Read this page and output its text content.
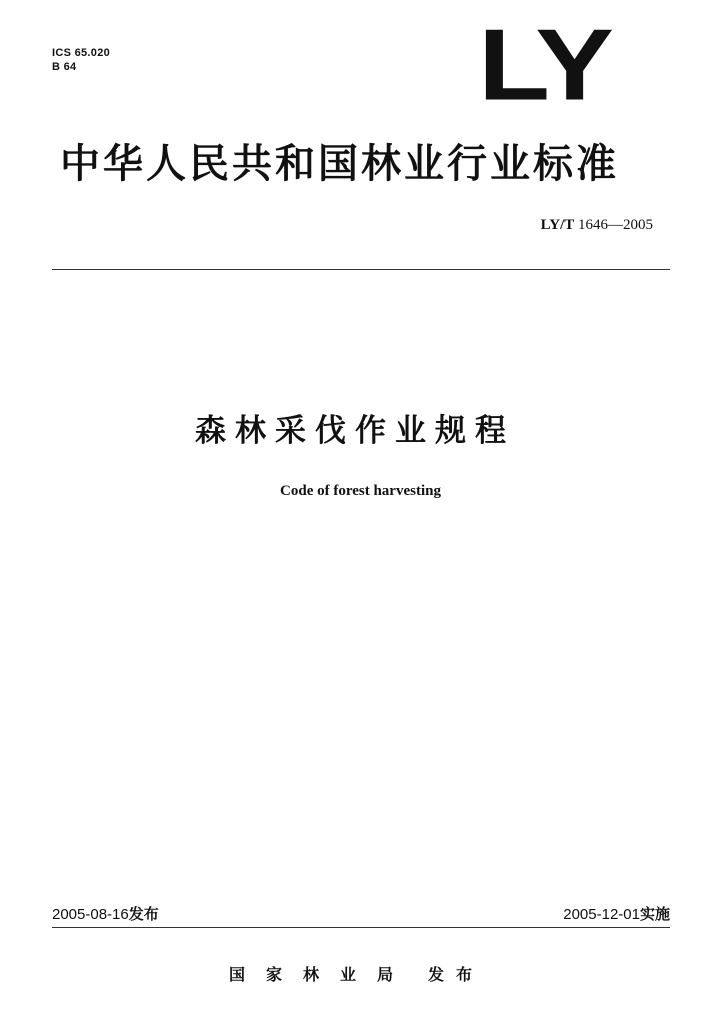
ICS 65.020
B 64	LY
中华人民共和国林业行业标准
LY/T 1646—2005
森林采伐作业规程
Code of forest harvesting
2005-08-16发布	2005-12-01实施
国家林业局 发布
